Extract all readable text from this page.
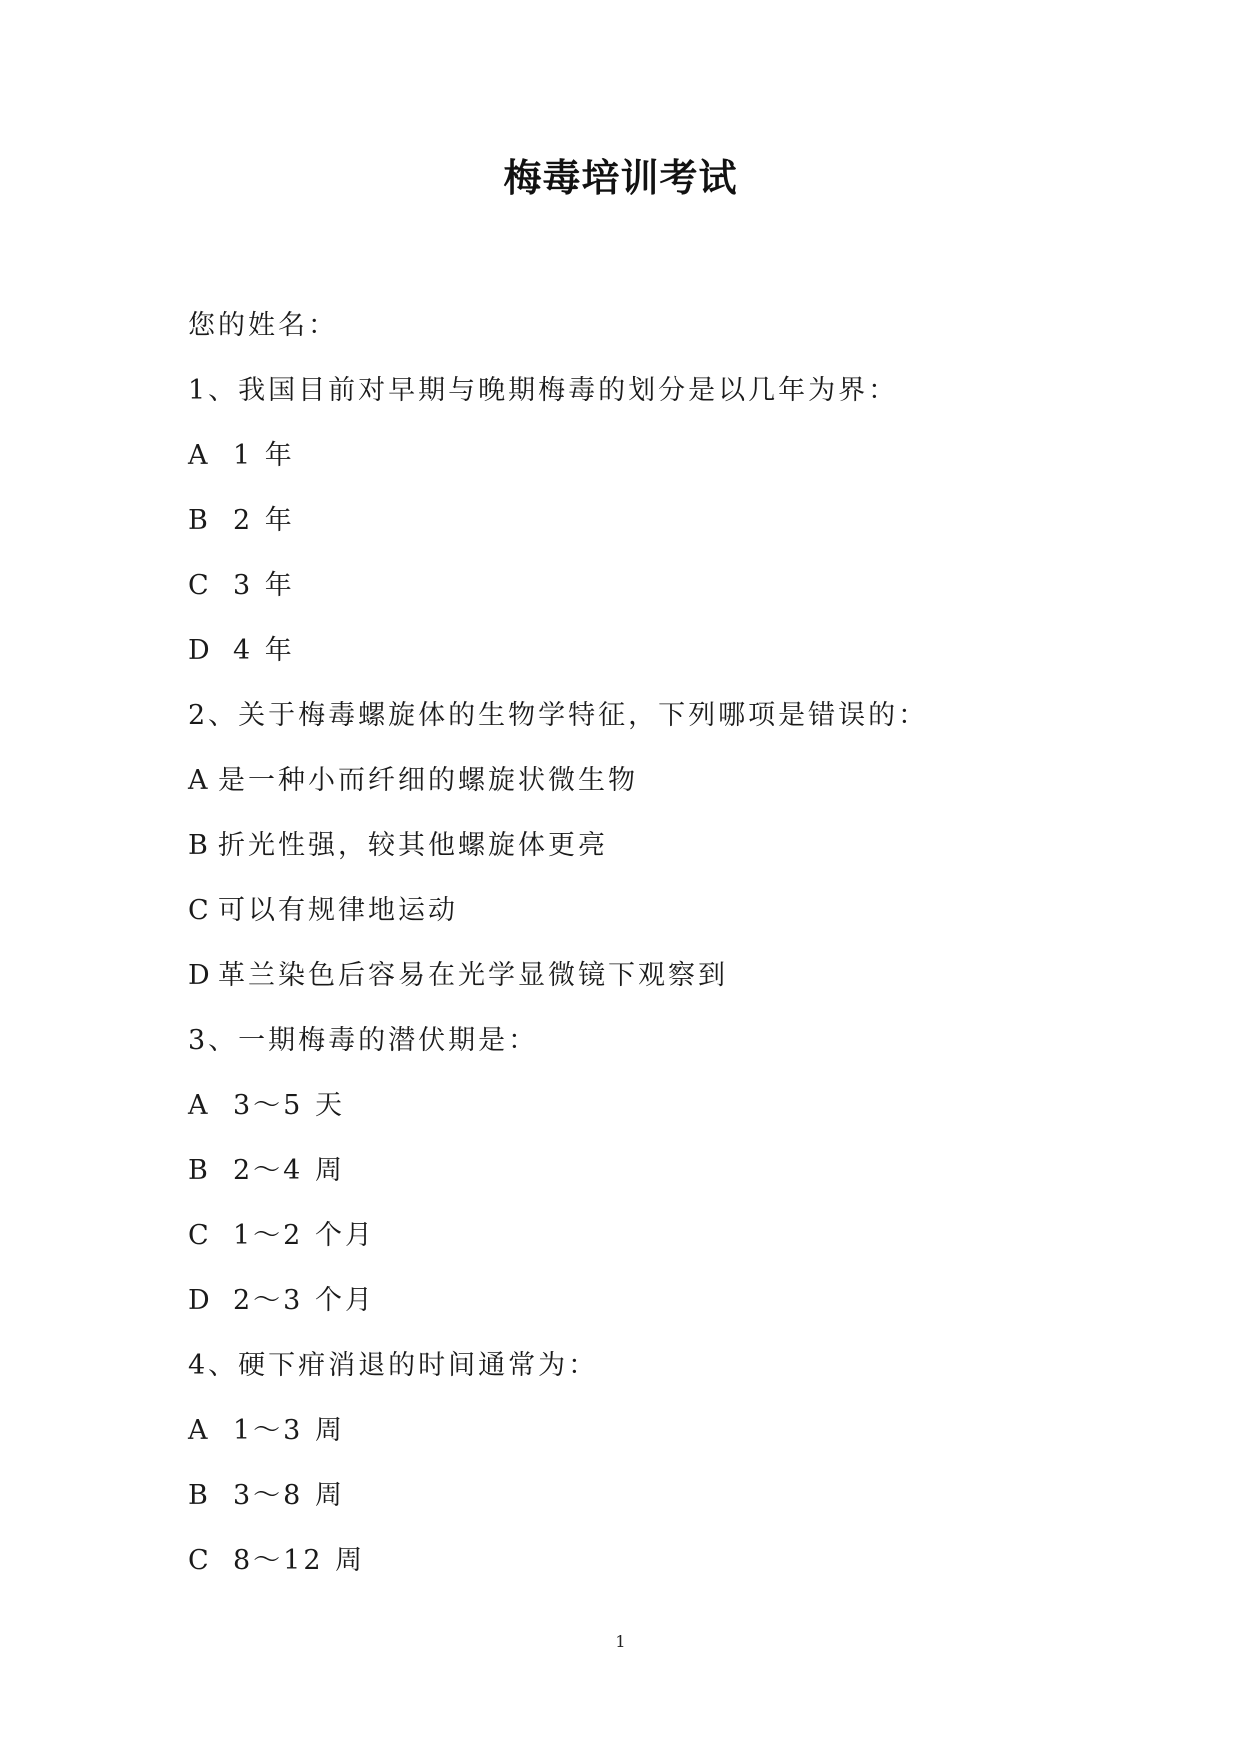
梅毒培训考试
您的姓名：
1、我国目前对早期与晚期梅毒的划分是以几年为界：
A 1 年
B 2 年
C 3 年
D 4 年
2、关于梅毒螺旋体的生物学特征，下列哪项是错误的：
A 是一种小而纤细的螺旋状微生物
B 折光性强，较其他螺旋体更亮
C 可以有规律地运动
D 革兰染色后容易在光学显微镜下观察到
3、一期梅毒的潜伏期是：
A 3～5 天
B 2～4 周
C 1～2 个月
D 2～3 个月
4、硬下疳消退的时间通常为：
A 1～3 周
B 3～8 周
C 8～12 周
1
